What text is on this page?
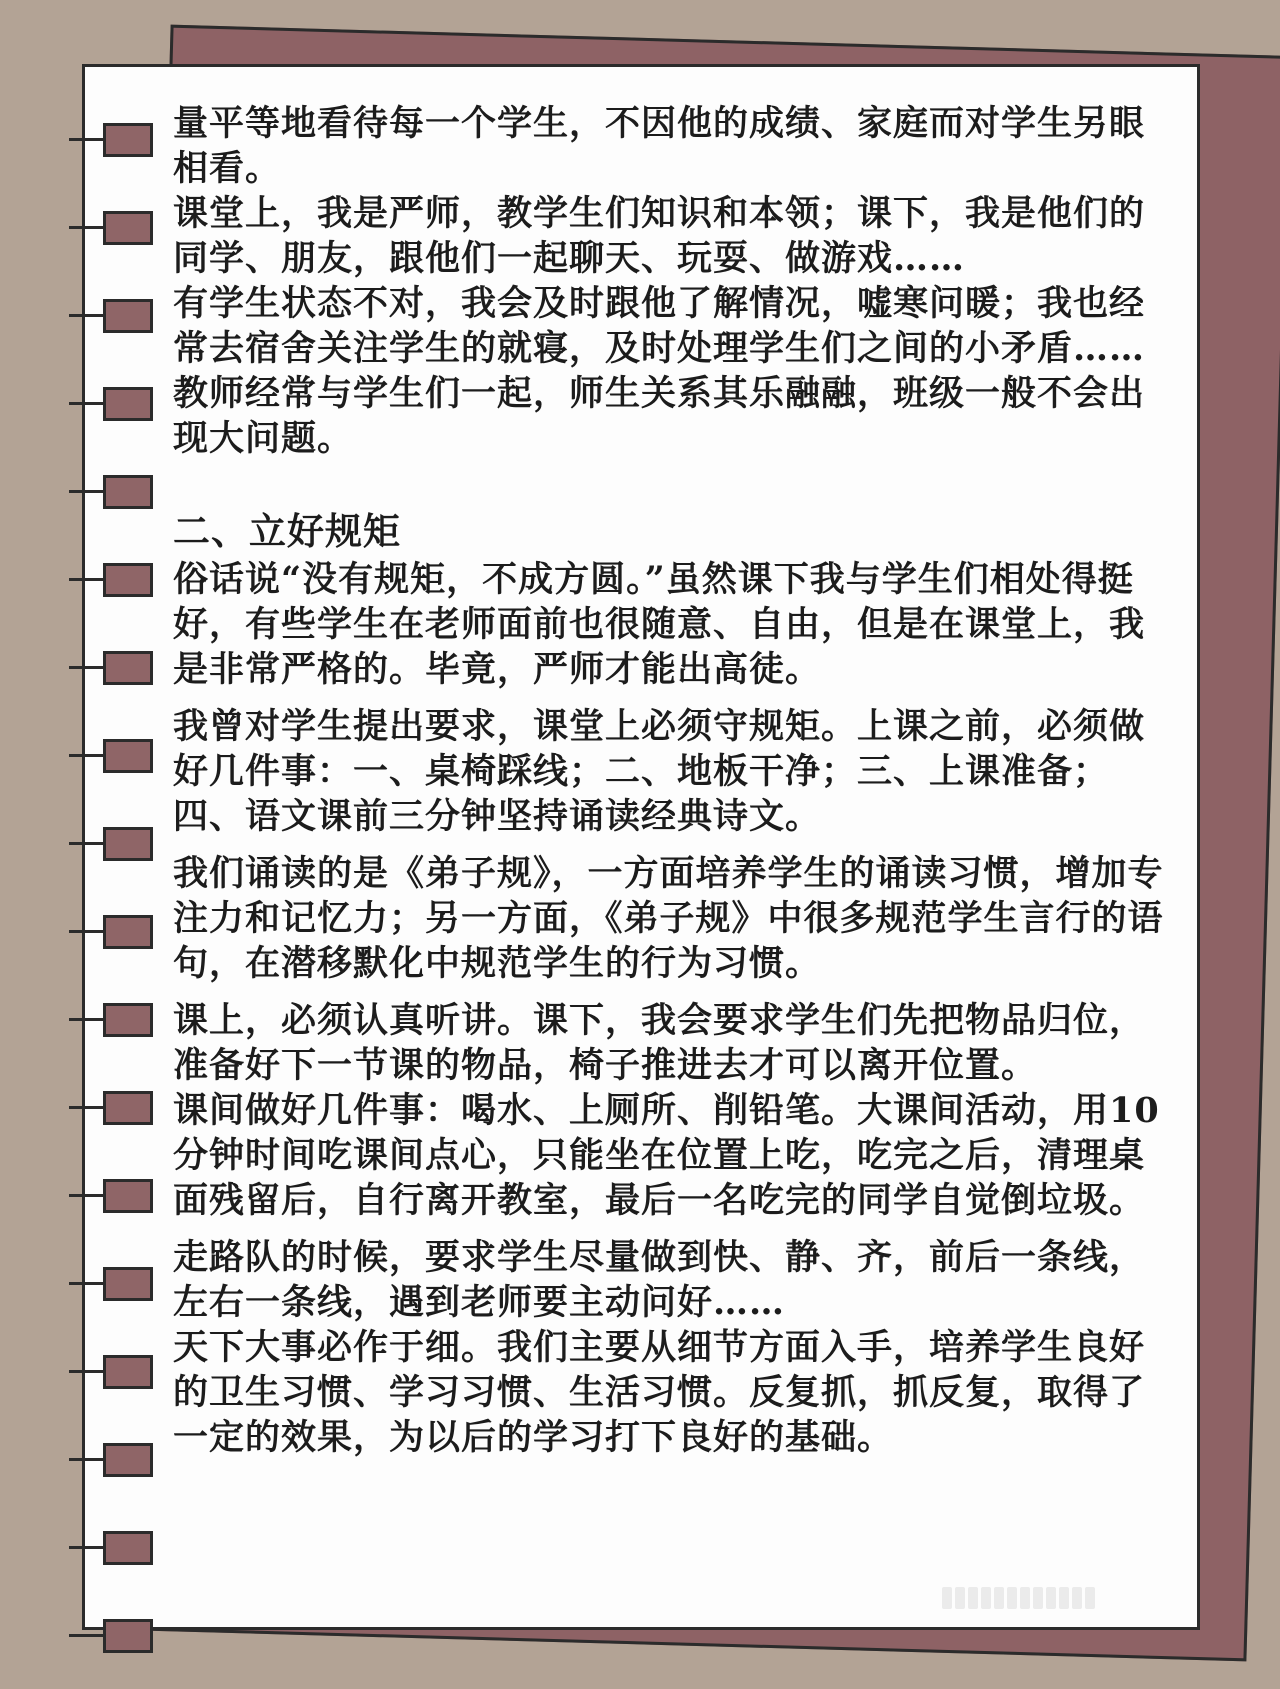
量平等地看待每一个学生，不因他的成绩、家庭而对学生另眼相看。

课堂上，我是严师，教学生们知识和本领；课下，我是他们的同学、朋友，跟他们一起聊天、玩耍、做游戏……

有学生状态不对，我会及时跟他了解情况，嘘寒问暖；我也经常去宿舍关注学生的就寝，及时处理学生们之间的小矛盾……

教师经常与学生们一起，师生关系其乐融融，班级一般不会出现大问题。

二、立好规矩

俗话说“没有规矩，不成方圆。”虽然课下我与学生们相处得挺好，有些学生在老师面前也很随意、自由，但是在课堂上，我是非常严格的。毕竟，严师才能出高徒。

我曾对学生提出要求，课堂上必须守规矩。上课之前，必须做好几件事：一、桌椅踩线；二、地板干净；三、上课准备；四、语文课前三分钟坚持诵读经典诗文。

我们诵读的是《弟子规》，一方面培养学生的诵读习惯，增加专注力和记忆力；另一方面，《弟子规》中很多规范学生言行的语句，在潜移默化中规范学生的行为习惯。

课上，必须认真听讲。课下，我会要求学生们先把物品归位，准备好下一节课的物品，椅子推进去才可以离开位置。

课间做好几件事：喝水、上厕所、削铅笔。大课间活动，用10分钟时间吃课间点心，只能坐在位置上吃，吃完之后，清理桌面残留后，自行离开教室，最后一名吃完的同学自觉倒垃圾。

走路队的时候，要求学生尽量做到快、静、齐，前后一条线，左右一条线，遇到老师要主动问好……

天下大事必作于细。我们主要从细节方面入手，培养学生良好的卫生习惯、学习习惯、生活习惯。反复抓，抓反复，取得了一定的效果，为以后的学习打下良好的基础。
